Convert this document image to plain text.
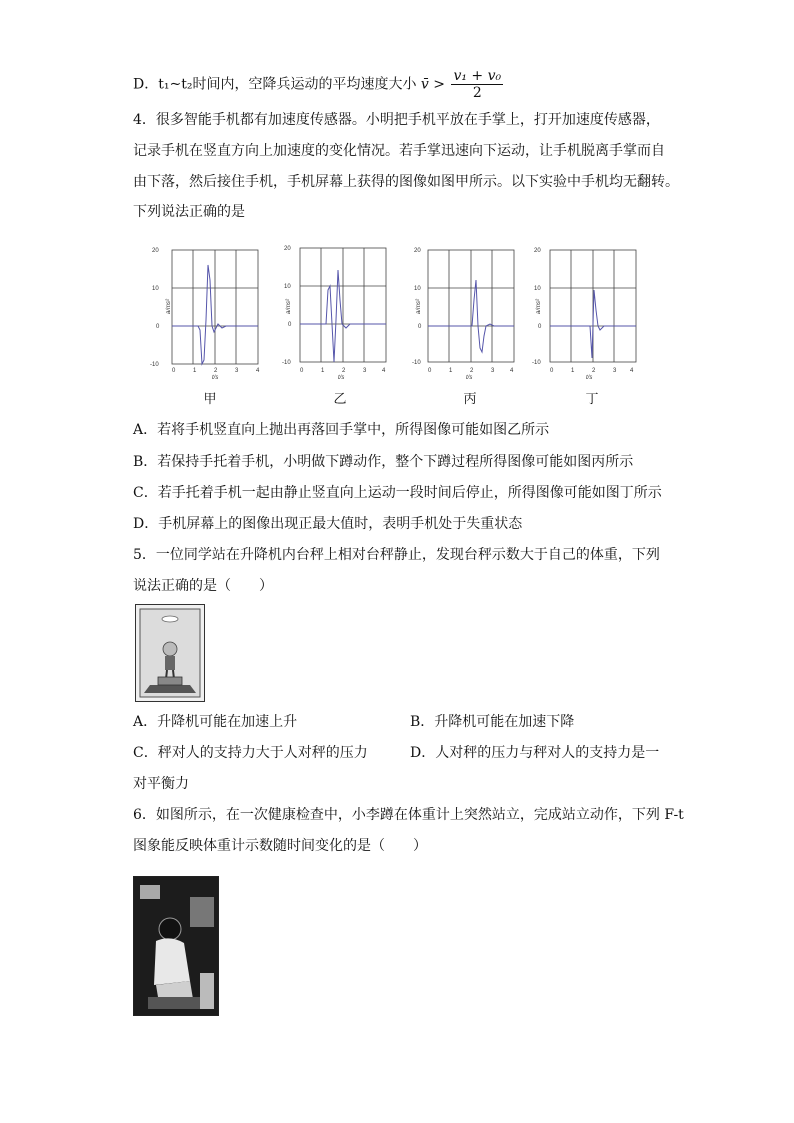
D．t₁~t₂时间内，空降兵运动的平均速度大小 v̄ > $\frac{\text{v₁ + v₀}}{2}$
4．很多智能手机都有加速度传感器。小明把手机平放在手掌上，打开加速度传感器，
记录手机在竖直方向上加速度的变化情况。若手掌迅速向下运动，让手机脱离手掌而自
由下落，然后接住手机，手机屏幕上获得的图像如图甲所示。以下实验中手机均无翻转。
下列说法正确的是
20
10
0
-10
0	1	2	3	4
t/s
a/ms²
甲
20
10
0
-10
0	1	2	3	4
t/s
a/ms²
乙
20
10
0
-10
0	1	2	3	4
t/s
a/ms²
丙
20
10
0
-10
0	1	2	3 4
t/s
a/ms²
丁
A．若将手机竖直向上抛出再落回手掌中，所得图像可能如图乙所示
B．若保持手托着手机，小明做下蹲动作，整个下蹲过程所得图像可能如图丙所示
C．若手托着手机一起由静止竖直向上运动一段时间后停止，所得图像可能如图丁所示
D．手机屏幕上的图像出现正最大值时，表明手机处于失重状态
5．一位同学站在升降机内台秤上相对台秤静止，发现台秤示数大于自己的体重，下列
说法正确的是（　　）
A．升降机可能在加速上升	B．升降机可能在加速下降
C．秤对人的支持力大于人对秤的压力	D．人对秤的压力与秤对人的支持力是一
对平衡力
6．如图所示，在一次健康检查中，小李蹲在体重计上突然站立，完成站立动作，下列 F-t
图象能反映体重计示数随时间变化的是（　　）
